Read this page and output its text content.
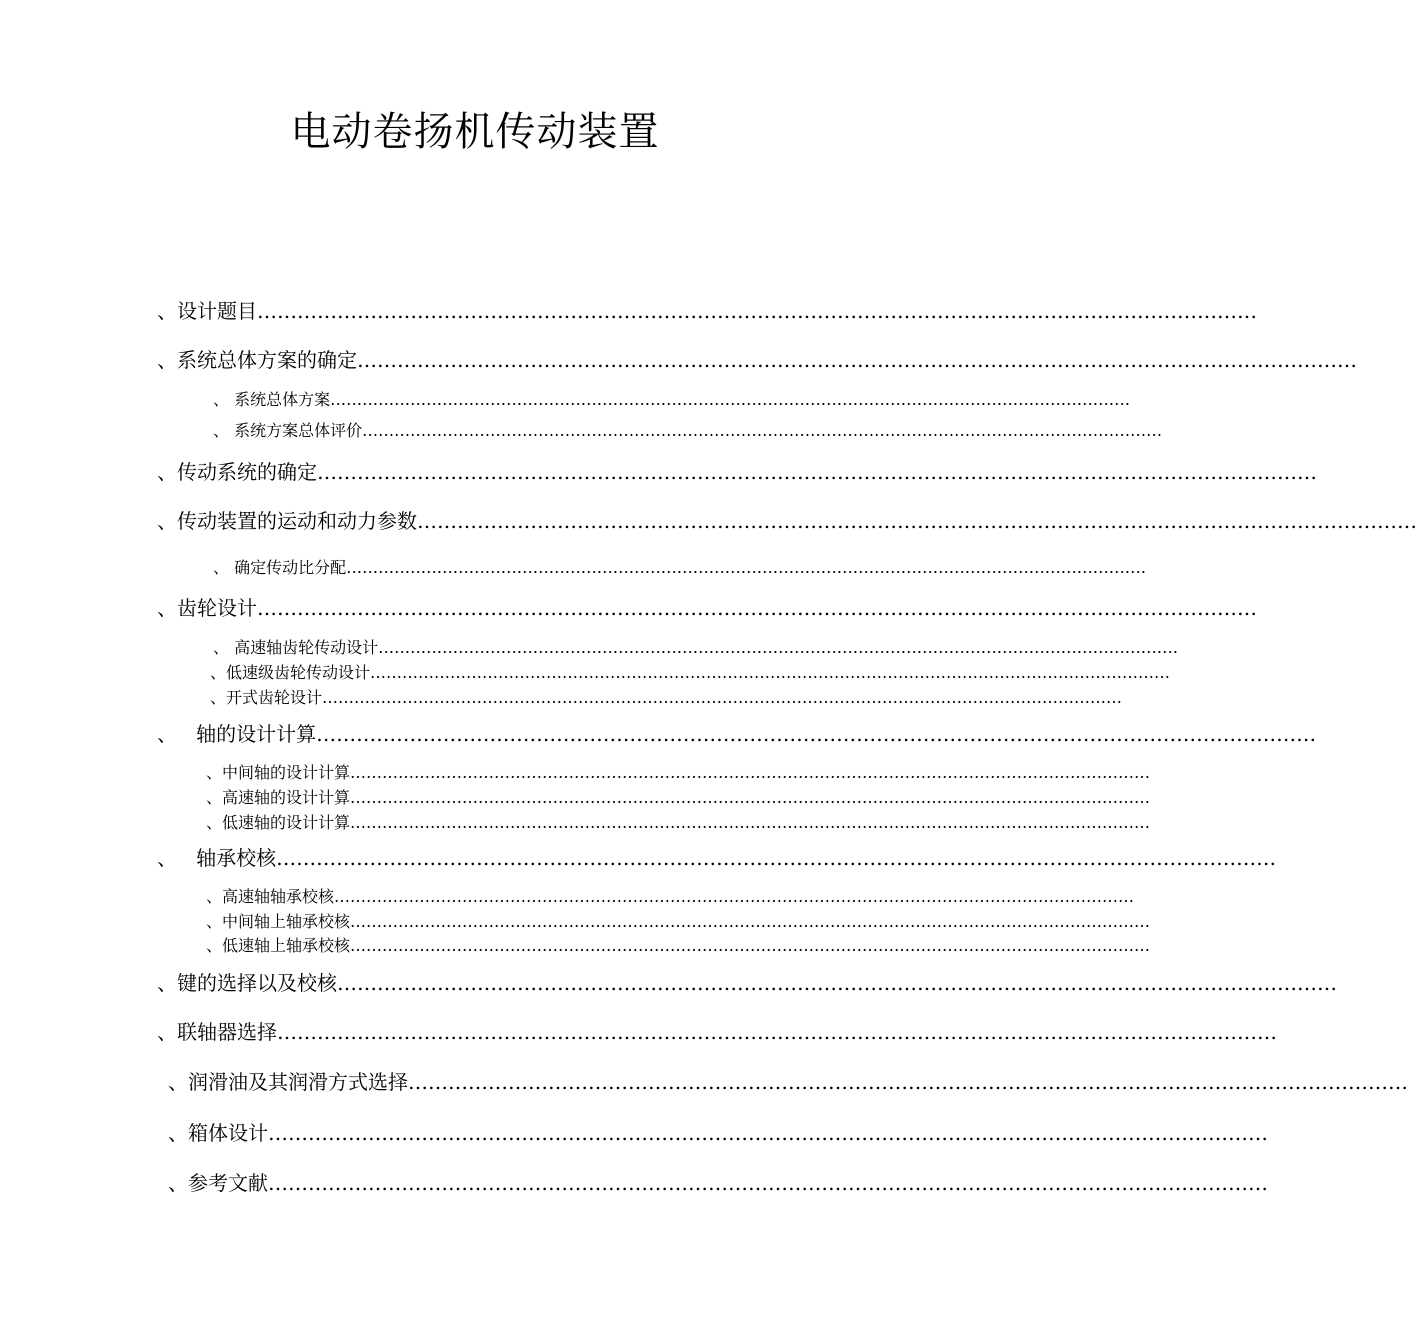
电动卷扬机传动装置
、设计题目 ……………………………………………………………………………………………………………………………………
、系统总体方案的确定 ……………………………………………………………………………………………………………………………………
、 系统总体方案 ……………………………………………………………………………………………………………………………………
、 系统方案总体评价 ……………………………………………………………………………………………………………………………………
、传动系统的确定 ……………………………………………………………………………………………………………………………………
、传动装置的运动和动力参数 ……………………………………………………………………………………………………………………………………
、 确定传动比分配 ……………………………………………………………………………………………………………………………………
、齿轮设计 ……………………………………………………………………………………………………………………………………
、 高速轴齿轮传动设计 ……………………………………………………………………………………………………………………………………
、低速级齿轮传动设计 ……………………………………………………………………………………………………………………………………
、开式齿轮设计 ……………………………………………………………………………………………………………………………………
、   轴的设计计算 ……………………………………………………………………………………………………………………………………
、中间轴的设计计算 ……………………………………………………………………………………………………………………………………
、高速轴的设计计算 ……………………………………………………………………………………………………………………………………
、低速轴的设计计算 ……………………………………………………………………………………………………………………………………
、   轴承校核 ……………………………………………………………………………………………………………………………………
、高速轴轴承校核 ……………………………………………………………………………………………………………………………………
、中间轴上轴承校核 ……………………………………………………………………………………………………………………………………
、低速轴上轴承校核 ……………………………………………………………………………………………………………………………………
、键的选择以及校核 ……………………………………………………………………………………………………………………………………
、联轴器选择 ……………………………………………………………………………………………………………………………………
、润滑油及其润滑方式选择 ……………………………………………………………………………………………………………………………………
、箱体设计 ……………………………………………………………………………………………………………………………………
、参考文献 ……………………………………………………………………………………………………………………………………
